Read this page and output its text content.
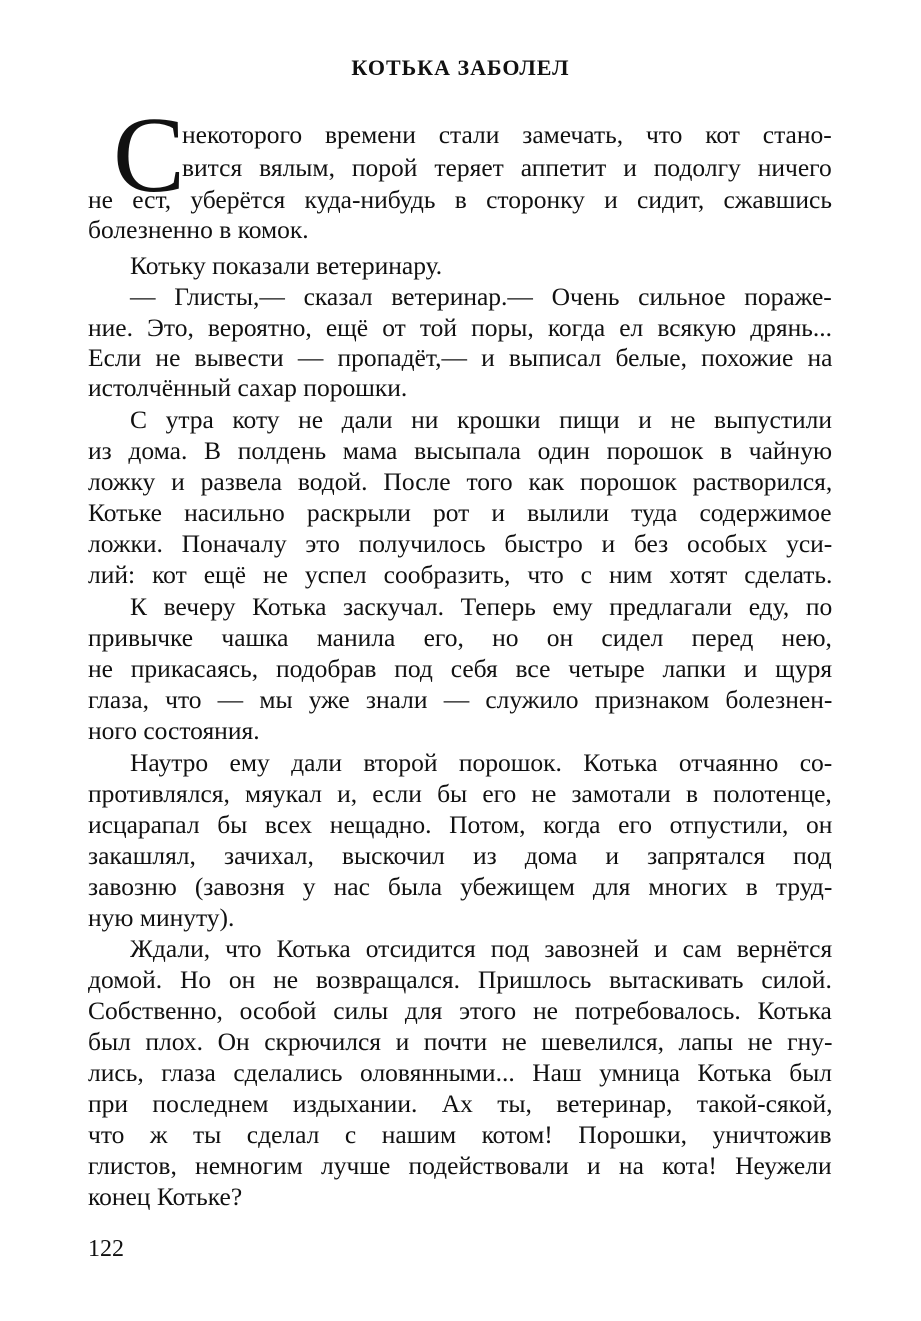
КОТЬКА ЗАБОЛЕЛ
С
некоторого времени стали замечать, что кот стано-
вится вялым, порой теряет аппетит и подолгу ничего
не ест, уберётся куда-нибудь в сторонку и сидит, сжавшись
болезненно в комок.
Котьку показали ветеринару.
— Глисты,— сказал ветеринар.— Очень сильное пораже-
ние. Это, вероятно, ещё от той поры, когда ел всякую дрянь...
Если не вывести — пропадёт,— и выписал белые, похожие на
истолчённый сахар порошки.
С утра коту не дали ни крошки пищи и не выпустили
из дома. В полдень мама высыпала один порошок в чайную
ложку и развела водой. После того как порошок растворился,
Котьке насильно раскрыли рот и вылили туда содержимое
ложки. Поначалу это получилось быстро и без особых уси-
лий: кот ещё не успел сообразить, что с ним хотят сделать.
К вечеру Котька заскучал. Теперь ему предлагали еду, по
привычке чашка манила его, но он сидел перед нею,
не прикасаясь, подобрав под себя все четыре лапки и щуря
глаза, что — мы уже знали — служило признаком болезнен-
ного состояния.
Наутро ему дали второй порошок. Котька отчаянно со-
противлялся, мяукал и, если бы его не замотали в полотенце,
исцарапал бы всех нещадно. Потом, когда его отпустили, он
закашлял, зачихал, выскочил из дома и запрятался под
завозню (завозня у нас была убежищем для многих в труд-
ную минуту).
Ждали, что Котька отсидится под завозней и сам вернётся
домой. Но он не возвращался. Пришлось вытаскивать силой.
Собственно, особой силы для этого не потребовалось. Котька
был плох. Он скрючился и почти не шевелился, лапы не гну-
лись, глаза сделались оловянными... Наш умница Котька был
при последнем издыхании. Ах ты, ветеринар, такой-сякой,
что ж ты сделал с нашим котом! Порошки, уничтожив
глистов, немногим лучше подействовали и на кота! Неужели
конец Котьке?
122
